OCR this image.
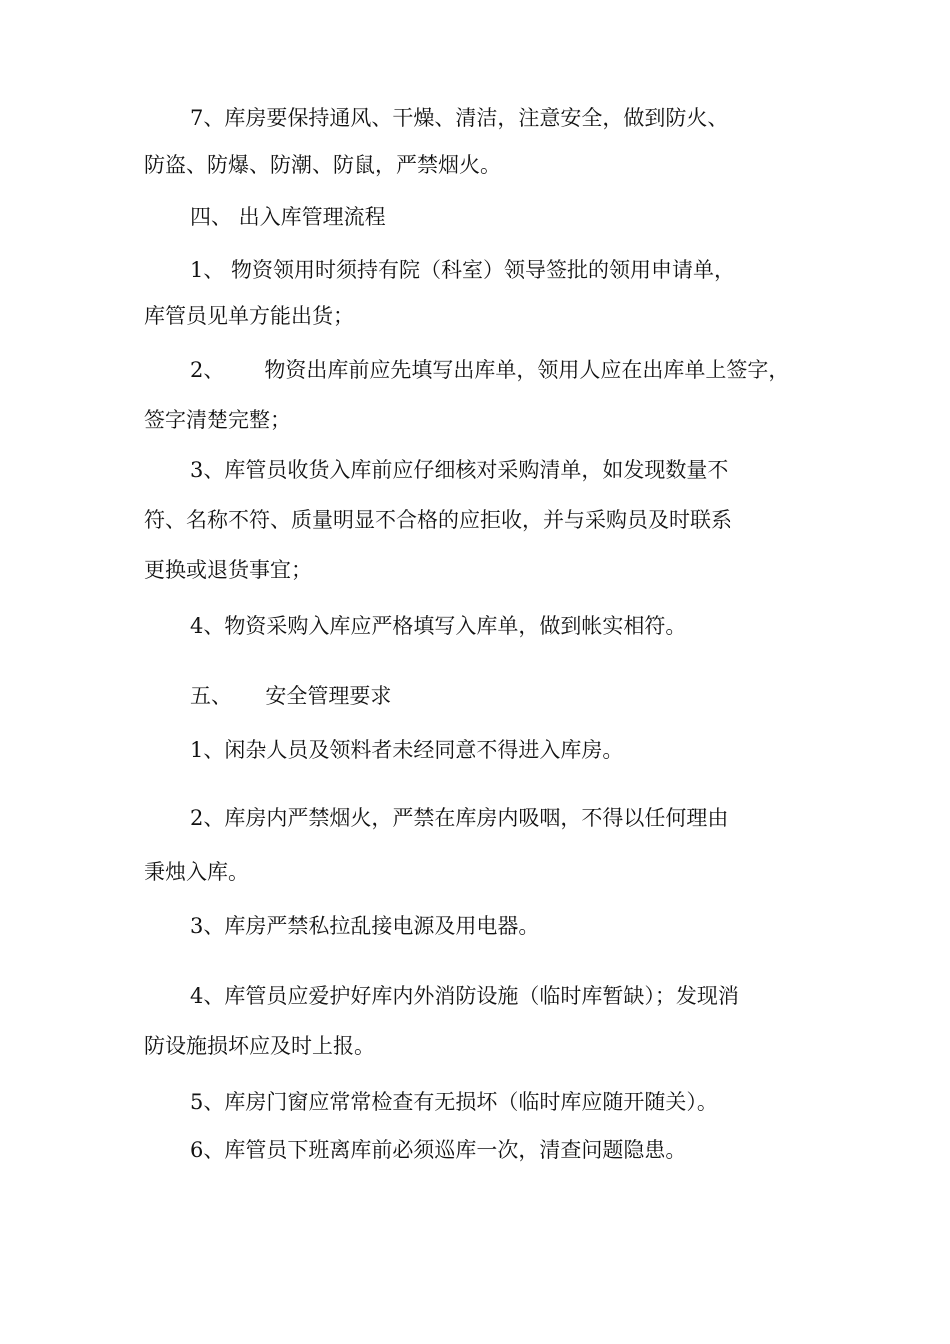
7、库房要保持通风、干燥、清洁，注意安全，做到防火、
防盗、防爆、防潮、防鼠，严禁烟火。
四、 出入库管理流程
1、 物资领用时须持有院（科室）领导签批的领用申请单，
库管员见单方能出货；
2、      物资出库前应先填写出库单，领用人应在出库单上签字，
签字清楚完整；
3、库管员收货入库前应仔细核对采购清单，如发现数量不
符、名称不符、质量明显不合格的应拒收，并与采购员及时联系
更换或退货事宜；
4、物资采购入库应严格填写入库单，做到帐实相符。
五、     安全管理要求
1、闲杂人员及领料者未经同意不得进入库房。
2、库房内严禁烟火，严禁在库房内吸咽，不得以任何理由
秉烛入库。
3、库房严禁私拉乱接电源及用电器。
4、库管员应爱护好库内外消防设施（临时库暂缺）；发现消
防设施损坏应及时上报。
5、库房门窗应常常检查有无损坏（临时库应随开随关）。
6、库管员下班离库前必须巡库一次，清查问题隐患。
